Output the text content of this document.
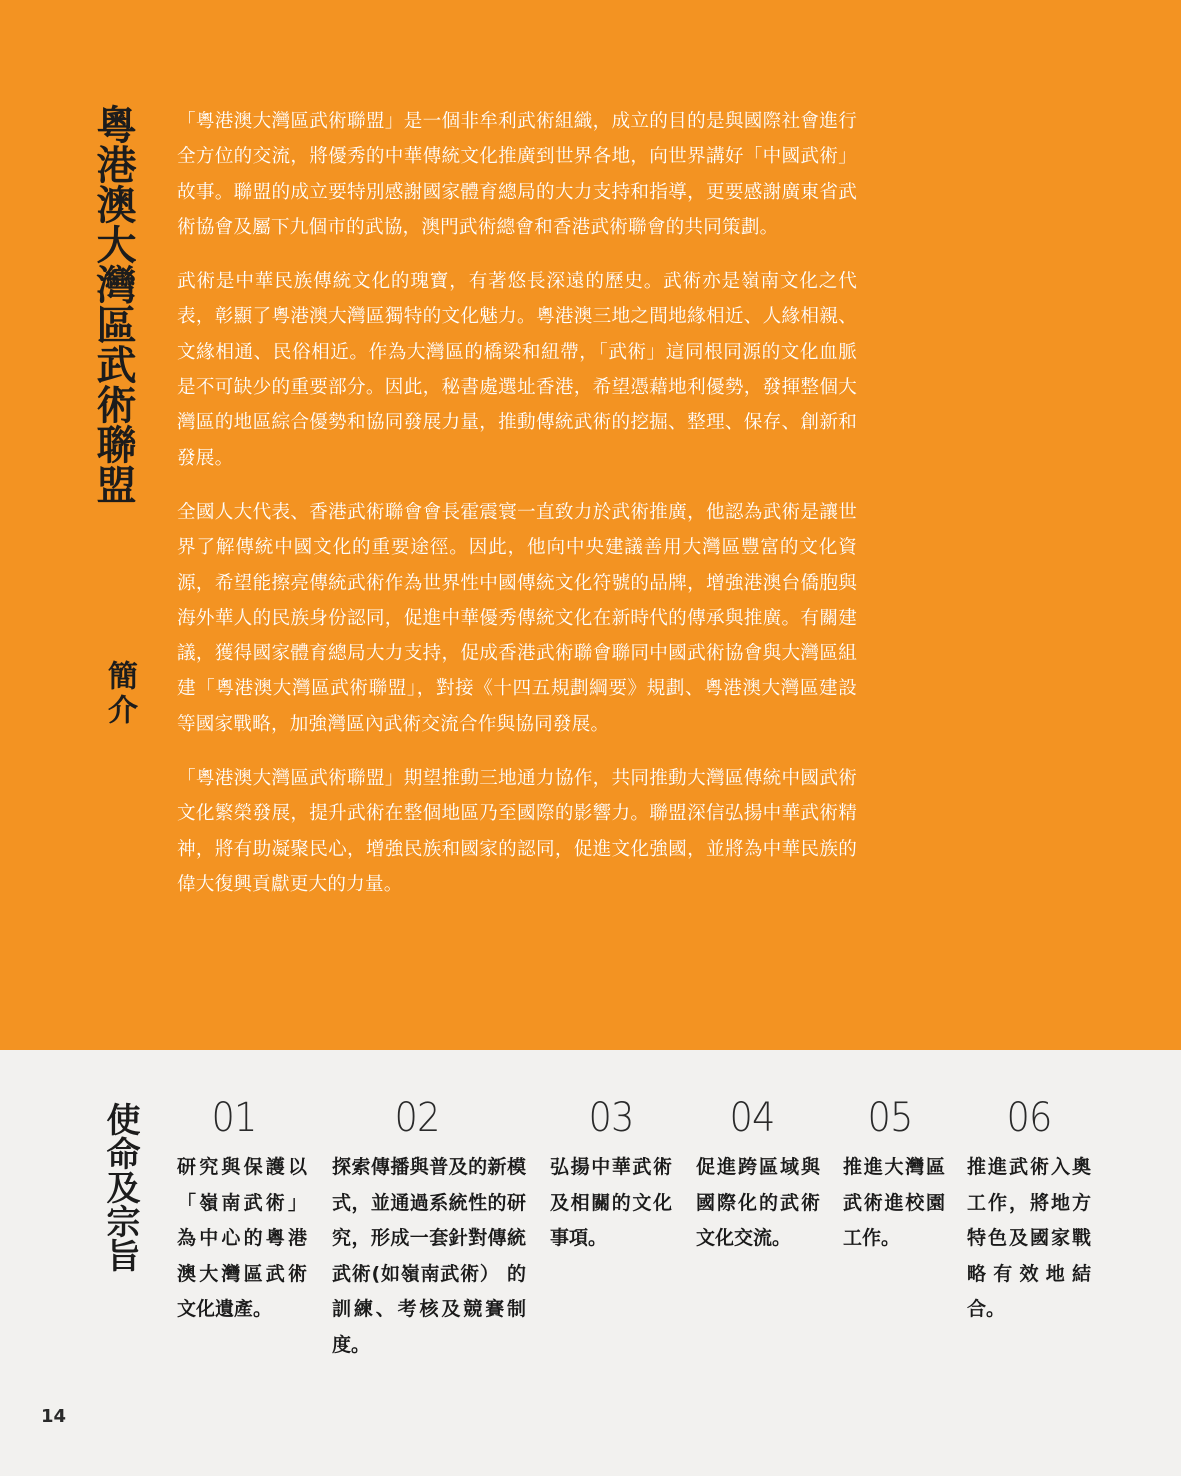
粵港澳大灣區武術聯盟
簡介

「粵港澳大灣區武術聯盟」是一個非牟利武術組織，成立的目的是與國際社會進行全方位的交流，將優秀的中華傳統文化推廣到世界各地，向世界講好「中國武術」故事。聯盟的成立要特別感謝國家體育總局的大力支持和指導，更要感謝廣東省武術協會及屬下九個市的武協，澳門武術總會和香港武術聯會的共同策劃。

武術是中華民族傳統文化的瑰寶，有著悠長深遠的歷史。武術亦是嶺南文化之代表，彰顯了粵港澳大灣區獨特的文化魅力。粵港澳三地之間地緣相近、人緣相親、文緣相通、民俗相近。作為大灣區的橋梁和紐帶，「武術」這同根同源的文化血脈是不可缺少的重要部分。因此，秘書處選址香港，希望憑藉地利優勢，發揮整個大灣區的地區綜合優勢和協同發展力量，推動傳統武術的挖掘、整理、保存、創新和發展。

全國人大代表、香港武術聯會會長霍震寰一直致力於武術推廣，他認為武術是讓世界了解傳統中國文化的重要途徑。因此，他向中央建議善用大灣區豐富的文化資源，希望能擦亮傳統武術作為世界性中國傳統文化符號的品牌，增強港澳台僑胞與海外華人的民族身份認同，促進中華優秀傳統文化在新時代的傳承與推廣。有關建議，獲得國家體育總局大力支持，促成香港武術聯會聯同中國武術協會與大灣區組建「粵港澳大灣區武術聯盟」，對接《十四五規劃綱要》規劃、粵港澳大灣區建設等國家戰略，加強灣區內武術交流合作與協同發展。

「粵港澳大灣區武術聯盟」期望推動三地通力協作，共同推動大灣區傳統中國武術文化繁榮發展，提升武術在整個地區乃至國際的影響力。聯盟深信弘揚中華武術精神，將有助凝聚民心，增強民族和國家的認同，促進文化強國，並將為中華民族的偉大復興貢獻更大的力量。

使命及宗旨	01
研究與保護以「嶺南武術」為中心的粵港澳大灣區武術文化遺產。
02
探索傳播與普及的新模式，並通過系統性的研究，形成一套針對傳統武術(如嶺南武術） 的訓練、考核及競賽制度。
03
弘揚中華武術及相關的文化事項。
04
促進跨區域與國際化的武術文化交流。
05
推進大灣區武術進校園工作。
06
推進武術入奧工作，將地方特色及國家戰略有效地結合。
14
